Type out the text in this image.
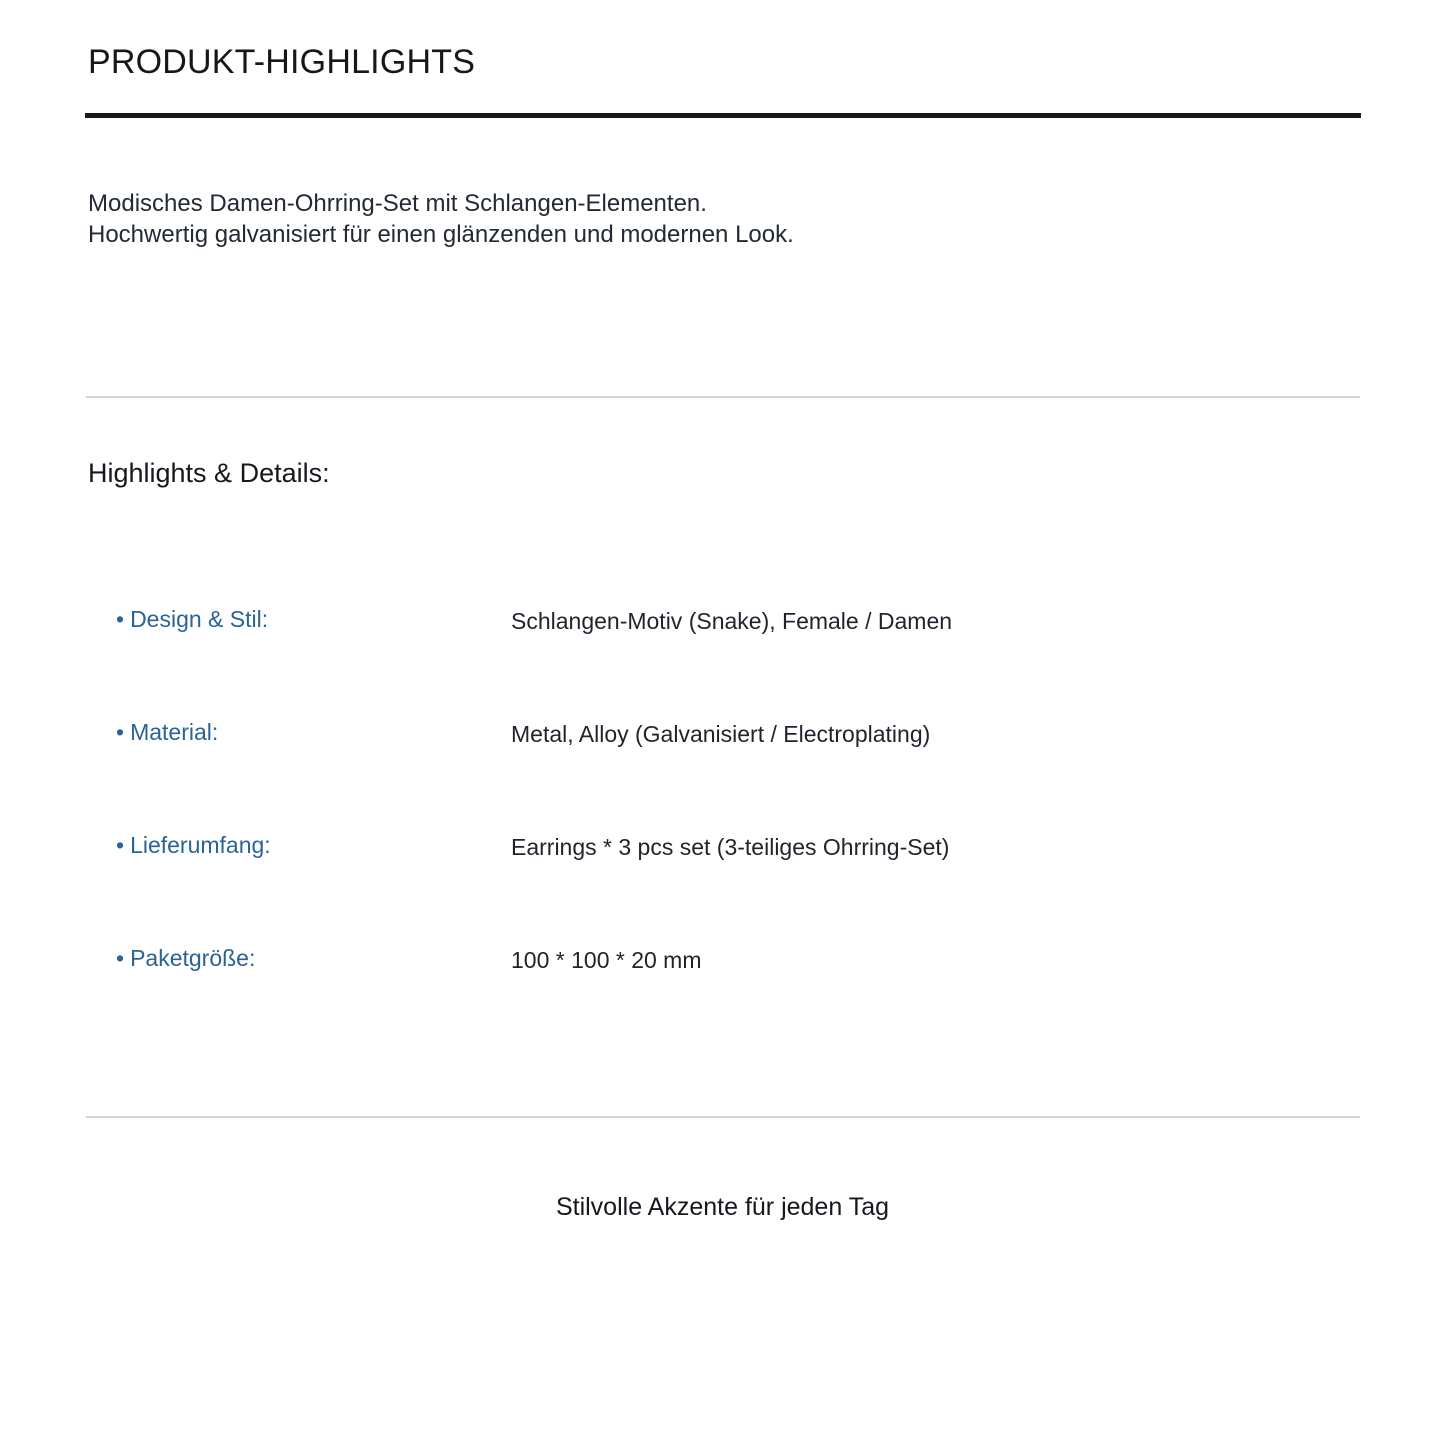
PRODUKT-HIGHLIGHTS

Modisches Damen-Ohrring-Set mit Schlangen-Elementen.

Hochwertig galvanisiert für einen glänzenden und modernen Look.

Highlights & Details:
• Design & Stil:	Schlangen-Motiv (Snake), Female / Damen
• Material:	Metal, Alloy (Galvanisiert / Electroplating)
• Lieferumfang:	Earrings * 3 pcs set (3-teiliges Ohrring-Set)
• Paketgröße:	100 * 100 * 20 mm
Stilvolle Akzente für jeden Tag
